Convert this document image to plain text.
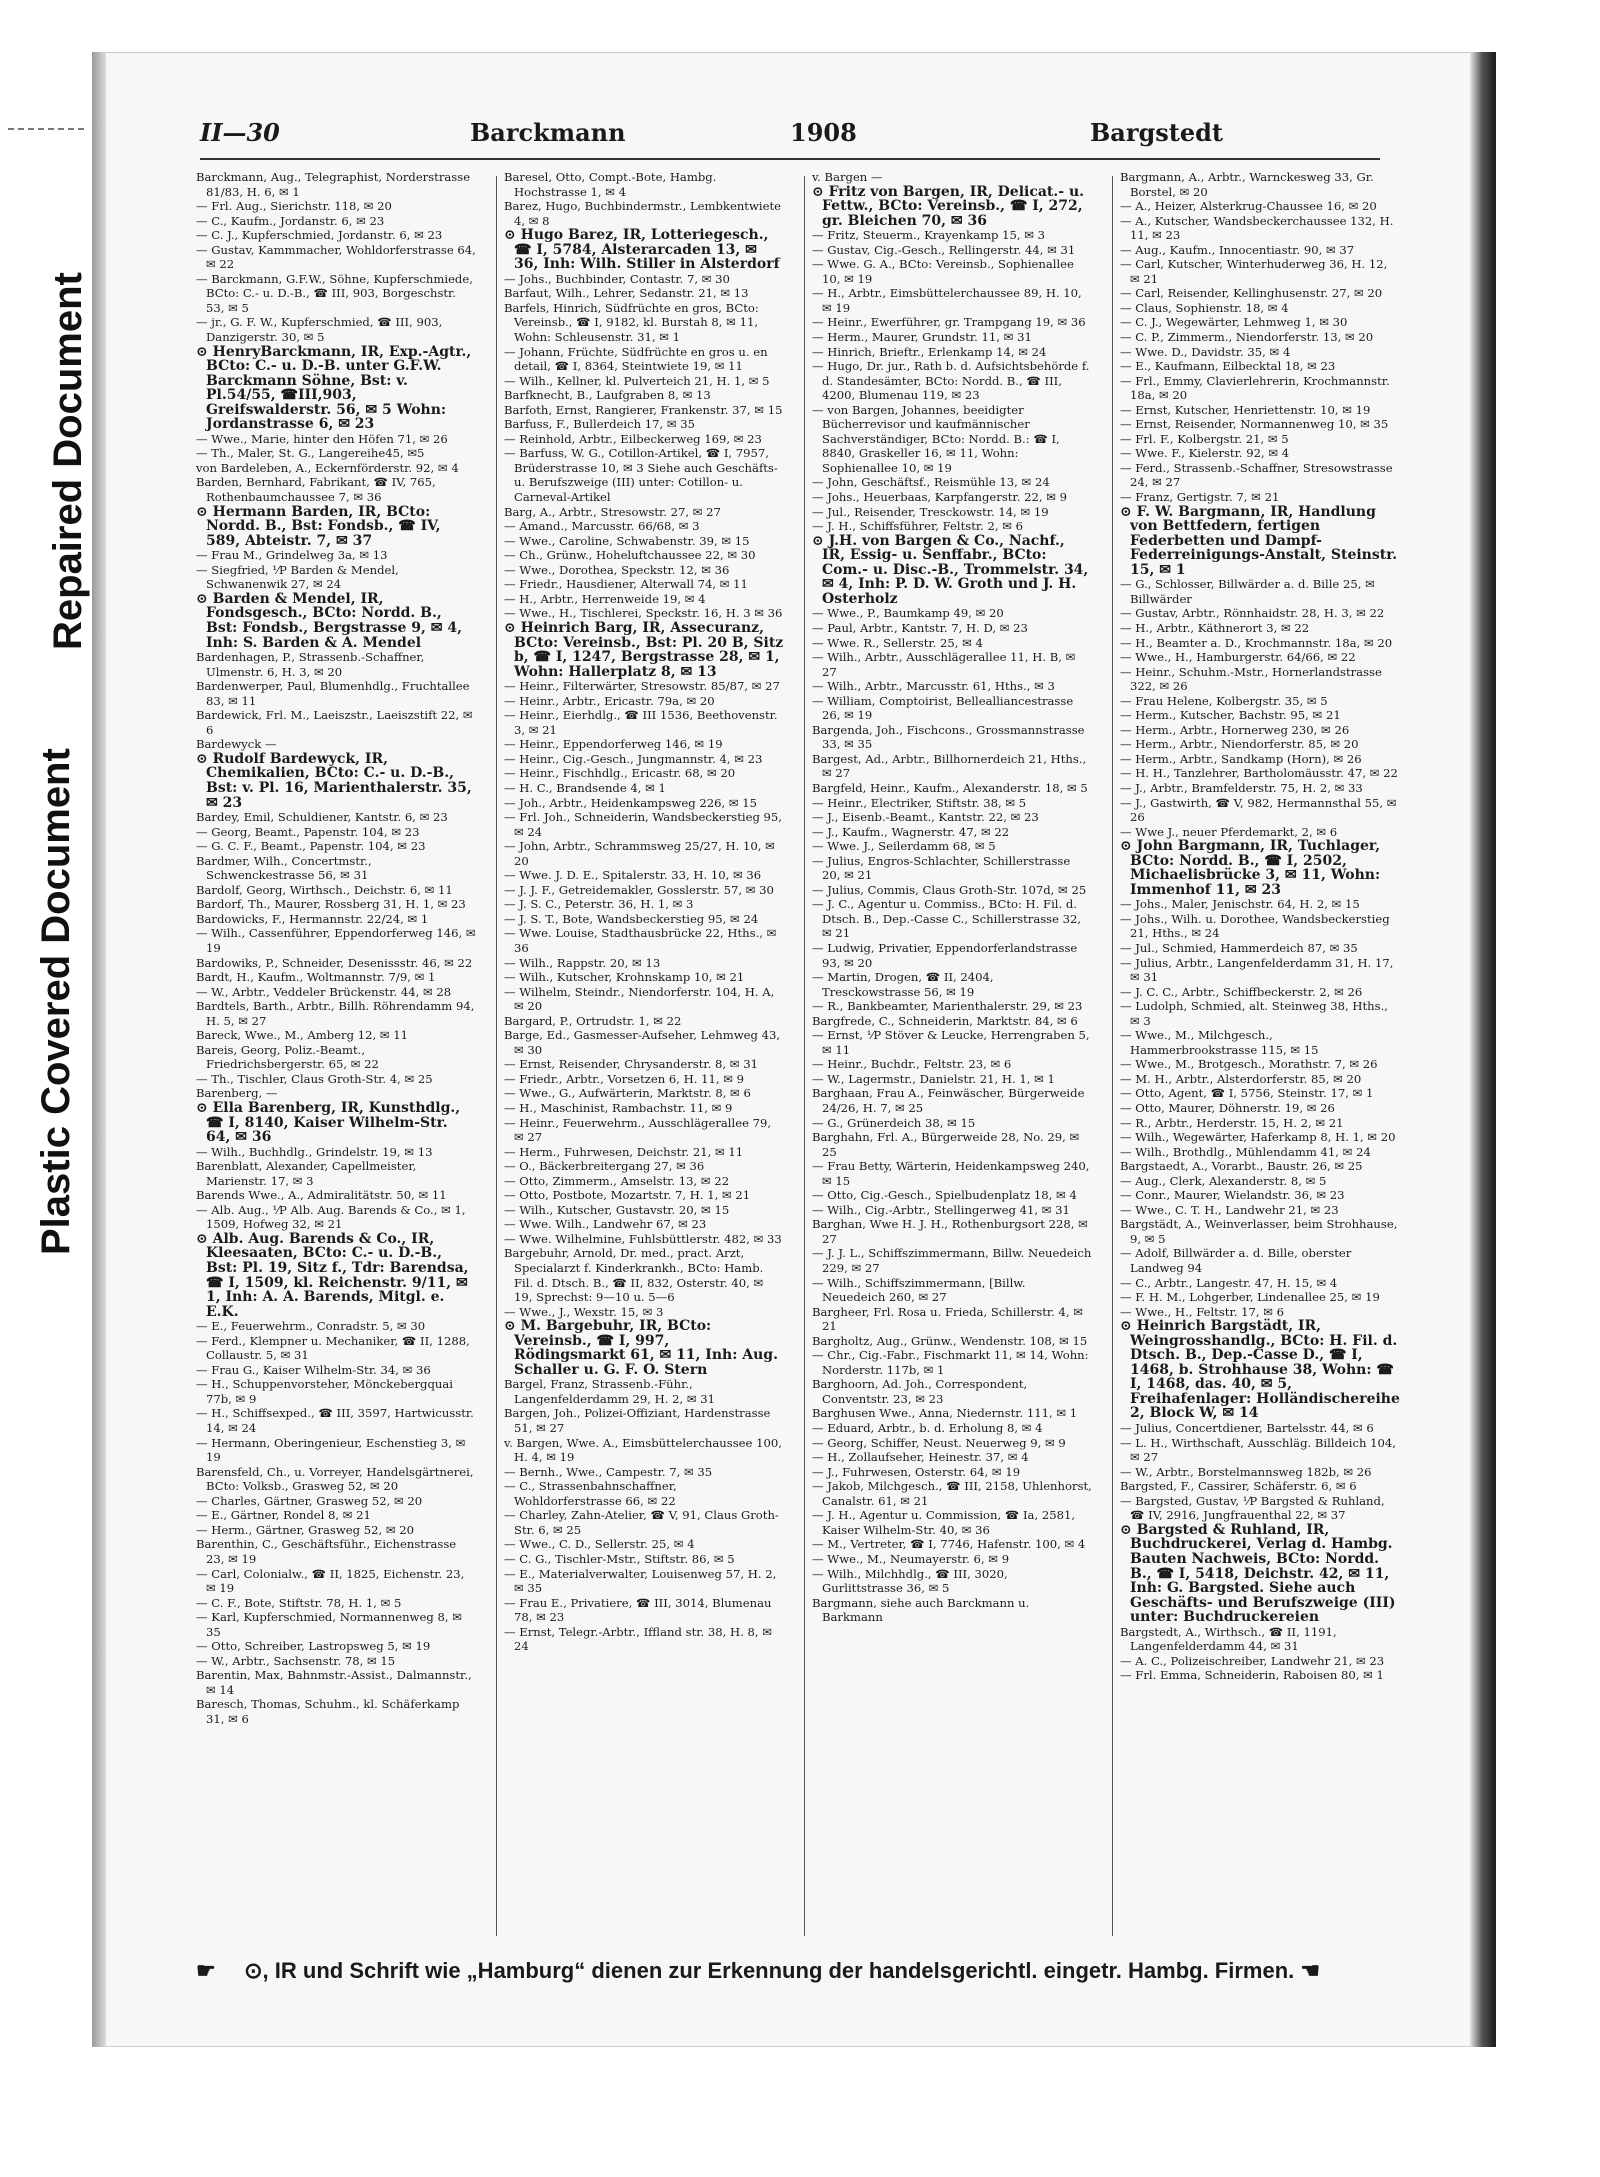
Plastic Covered Document
Repaired Document
II—30	Barckmann	1908	Bargstedt

Barckmann, Aug., Telegraphist, Norderstrasse 81/83, H. 6, ✉ 1

— Frl. Aug., Sierichstr. 118, ✉ 20

— C., Kaufm., Jordanstr. 6, ✉ 23

— C. J., Kupferschmied, Jordanstr. 6, ✉ 23

— Gustav, Kammmacher, Wohldorferstrasse 64, ✉ 22

— Barckmann, G.F.W., Söhne, Kupferschmiede, BCto: C.- u. D.-B., ☎ III, 903, Borgeschstr. 53, ✉ 5

— jr., G. F. W., Kupferschmied, ☎ III, 903, Danzigerstr. 30, ✉ 5

⊙ HenryBarckmann, IR, Exp.-Agtr., BCto: C.- u. D.-B. unter G.F.W. Barckmann Söhne, Bst: v. Pl.54/55, ☎III,903, Greifswalderstr. 56, ✉ 5 Wohn: Jordanstrasse 6, ✉ 23

— Wwe., Marie, hinter den Höfen 71, ✉ 26

— Th., Maler, St. G., Langereihe45, ✉5

von Bardeleben, A., Eckernförderstr. 92, ✉ 4

Barden, Bernhard, Fabrikant, ☎ IV, 765, Rothenbaumchaussee 7, ✉ 36

⊙ Hermann Barden, IR, BCto: Nordd. B., Bst: Fondsb., ☎ IV, 589, Abteistr. 7, ✉ 37

— Frau M., Grindelweg 3a, ✉ 13

— Siegfried, ⅟P Barden & Mendel, Schwanenwik 27, ✉ 24

⊙ Barden & Mendel, IR, Fondsgesch., BCto: Nordd. B., Bst: Fondsb., Bergstrasse 9, ✉ 4, Inh: S. Barden & A. Mendel

Bardenhagen, P., Strassenb.-Schaffner, Ulmenstr. 6, H. 3, ✉ 20

Bardenwerper, Paul, Blumenhdlg., Fruchtallee 83, ✉ 11

Bardewick, Frl. M., Laeiszstr., Laeiszstift 22, ✉ 6

Bardewyck —

⊙ Rudolf Bardewyck, IR, Chemikalien, BCto: C.- u. D.-B., Bst: v. Pl. 16, Marienthalerstr. 35, ✉ 23

Bardey, Emil, Schuldiener, Kantstr. 6, ✉ 23

— Georg, Beamt., Papenstr. 104, ✉ 23

— G. C. F., Beamt., Papenstr. 104, ✉ 23

Bardmer, Wilh., Concertmstr., Schwenckestrasse 56, ✉ 31

Bardolf, Georg, Wirthsch., Deichstr. 6, ✉ 11

Bardorf, Th., Maurer, Rossberg 31, H. 1, ✉ 23

Bardowicks, F., Hermannstr. 22/24, ✉ 1

— Wilh., Cassenführer, Eppendorferweg 146, ✉ 19

Bardowiks, P., Schneider, Desenissstr. 46, ✉ 22

Bardt, H., Kaufm., Woltmannstr. 7/9, ✉ 1

— W., Arbtr., Veddeler Brückenstr. 44, ✉ 28

Bardtels, Barth., Arbtr., Billh. Röhrendamm 94, H. 5, ✉ 27

Bareck, Wwe., M., Amberg 12, ✉ 11

Bareis, Georg, Poliz.-Beamt., Friedrichsbergerstr. 65, ✉ 22

— Th., Tischler, Claus Groth-Str. 4, ✉ 25

Barenberg, —

⊙ Ella Barenberg, IR, Kunsthdlg., ☎ I, 8140, Kaiser Wilhelm-Str. 64, ✉ 36

— Wilh., Buchhdlg., Grindelstr. 19, ✉ 13

Barenblatt, Alexander, Capellmeister, Marienstr. 17, ✉ 3

Barends Wwe., A., Admiralitätstr. 50, ✉ 11

— Alb. Aug., ⅟P Alb. Aug. Barends & Co., ✉ 1, 1509, Hofweg 32, ✉ 21

⊙ Alb. Aug. Barends & Co., IR, Kleesaaten, BCto: C.- u. D.-B., Bst: Pl. 19, Sitz f., Tdr: Barendsa, ☎ I, 1509, kl. Reichenstr. 9/11, ✉ 1, Inh: A. A. Barends, Mitgl. e. E.K.

— E., Feuerwehrm., Conradstr. 5, ✉ 30

— Ferd., Klempner u. Mechaniker, ☎ II, 1288, Collaustr. 5, ✉ 31

— Frau G., Kaiser Wilhelm-Str. 34, ✉ 36

— H., Schuppenvorsteher, Mönckebergquai 77b, ✉ 9

— H., Schiffsexped., ☎ III, 3597, Hartwicusstr. 14, ✉ 24

— Hermann, Oberingenieur, Eschenstieg 3, ✉ 19

Barensfeld, Ch., u. Vorreyer, Handelsgärtnerei, BCto: Volksb., Grasweg 52, ✉ 20

— Charles, Gärtner, Grasweg 52, ✉ 20

— E., Gärtner, Rondel 8, ✉ 21

— Herm., Gärtner, Grasweg 52, ✉ 20

Barenthin, C., Geschäftsführ., Eichenstrasse 23, ✉ 19

— Carl, Colonialw., ☎ II, 1825, Eichenstr. 23, ✉ 19

— C. F., Bote, Stiftstr. 78, H. 1, ✉ 5

— Karl, Kupferschmied, Normannenweg 8, ✉ 35

— Otto, Schreiber, Lastropsweg 5, ✉ 19

— W., Arbtr., Sachsenstr. 78, ✉ 15

Barentin, Max, Bahnmstr.-Assist., Dalmannstr., ✉ 14

Baresch, Thomas, Schuhm., kl. Schäferkamp 31, ✉ 6

Baresel, Otto, Compt.-Bote, Hambg. Hochstrasse 1, ✉ 4

Barez, Hugo, Buchbindermstr., Lembkentwiete 4, ✉ 8

⊙ Hugo Barez, IR, Lotteriegesch., ☎ I, 5784, Alsterarcaden 13, ✉ 36, Inh: Wilh. Stiller in Alsterdorf

— Johs., Buchbinder, Contastr. 7, ✉ 30

Barfaut, Wilh., Lehrer, Sedanstr. 21, ✉ 13

Barfels, Hinrich, Südfrüchte en gros, BCto: Vereinsb., ☎ I, 9182, kl. Burstah 8, ✉ 11, Wohn: Schleusenstr. 31, ✉ 1

— Johann, Früchte, Südfrüchte en gros u. en detail, ☎ I, 8364, Steintwiete 19, ✉ 11

— Wilh., Kellner, kl. Pulverteich 21, H. 1, ✉ 5

Barfknecht, B., Laufgraben 8, ✉ 13

Barfoth, Ernst, Rangierer, Frankenstr. 37, ✉ 15

Barfuss, F., Bullerdeich 17, ✉ 35

— Reinhold, Arbtr., Eilbeckerweg 169, ✉ 23

— Barfuss, W. G., Cotillon-Artikel, ☎ I, 7957, Brüderstrasse 10, ✉ 3 Siehe auch Geschäfts- u. Berufszweige (III) unter: Cotillon- u. Carneval-Artikel

Barg, A., Arbtr., Stresowstr. 27, ✉ 27

— Amand., Marcusstr. 66/68, ✉ 3

— Wwe., Caroline, Schwabenstr. 39, ✉ 15

— Ch., Grünw., Hoheluftchaussee 22, ✉ 30

— Wwe., Dorothea, Speckstr. 12, ✉ 36

— Friedr., Hausdiener, Alterwall 74, ✉ 11

— H., Arbtr., Herrenweide 19, ✉ 4

— Wwe., H., Tischlerei, Speckstr. 16, H. 3 ✉ 36

⊙ Heinrich Barg, IR, Assecuranz, BCto: Vereinsb., Bst: Pl. 20 B, Sitz b, ☎ I, 1247, Bergstrasse 28, ✉ 1, Wohn: Hallerplatz 8, ✉ 13

— Heinr., Filterwärter, Stresowstr. 85/87, ✉ 27

— Heinr., Arbtr., Ericastr. 79a, ✉ 20

— Heinr., Eierhdlg., ☎ III 1536, Beethovenstr. 3, ✉ 21

— Heinr., Eppendorferweg 146, ✉ 19

— Heinr., Cig.-Gesch., Jungmannstr. 4, ✉ 23

— Heinr., Fischhdlg., Ericastr. 68, ✉ 20

— H. C., Brandsende 4, ✉ 1

— Joh., Arbtr., Heidenkampsweg 226, ✉ 15

— Frl. Joh., Schneiderin, Wandsbeckerstieg 95, ✉ 24

— John, Arbtr., Schrammsweg 25/27, H. 10, ✉ 20

— Wwe. J. D. E., Spitalerstr. 33, H. 10, ✉ 36

— J. J. F., Getreidemakler, Gosslerstr. 57, ✉ 30

— J. S. C., Peterstr. 36, H. 1, ✉ 3

— J. S. T., Bote, Wandsbeckerstieg 95, ✉ 24

— Wwe. Louise, Stadthausbrücke 22, Hths., ✉ 36

— Wilh., Rappstr. 20, ✉ 13

— Wilh., Kutscher, Krohnskamp 10, ✉ 21

— Wilhelm, Steindr., Niendorferstr. 104, H. A, ✉ 20

Bargard, P., Ortrudstr. 1, ✉ 22

Barge, Ed., Gasmesser-Aufseher, Lehmweg 43, ✉ 30

— Ernst, Reisender, Chrysanderstr. 8, ✉ 31

— Friedr., Arbtr., Vorsetzen 6, H. 11, ✉ 9

— Wwe., G., Aufwärterin, Marktstr. 8, ✉ 6

— H., Maschinist, Rambachstr. 11, ✉ 9

— Heinr., Feuerwehrm., Ausschlägerallee 79, ✉ 27

— Herm., Fuhrwesen, Deichstr. 21, ✉ 11

— O., Bäckerbreitergang 27, ✉ 36

— Otto, Zimmerm., Amselstr. 13, ✉ 22

— Otto, Postbote, Mozartstr. 7, H. 1, ✉ 21

— Wilh., Kutscher, Gustavstr. 20, ✉ 15

— Wwe. Wilh., Landwehr 67, ✉ 23

— Wwe. Wilhelmine, Fuhlsbüttlerstr. 482, ✉ 33

Bargebuhr, Arnold, Dr. med., pract. Arzt, Specialarzt f. Kinderkrankh., BCto: Hamb. Fil. d. Dtsch. B., ☎ II, 832, Osterstr. 40, ✉ 19, Sprechst: 9—10 u. 5—6

— Wwe., J., Wexstr. 15, ✉ 3

⊙ M. Bargebuhr, IR, BCto: Vereinsb., ☎ I, 997, Rödingsmarkt 61, ✉ 11, Inh: Aug. Schaller u. G. F. O. Stern

Bargel, Franz, Strassenb.-Führ., Langenfelderdamm 29, H. 2, ✉ 31

Bargen, Joh., Polizei-Offiziant, Hardenstrasse 51, ✉ 27

v. Bargen, Wwe. A., Eimsbüttelerchaussee 100, H. 4, ✉ 19

— Bernh., Wwe., Campestr. 7, ✉ 35

— C., Strassenbahnschaffner, Wohldorferstrasse 66, ✉ 22

— Charley, Zahn-Atelier, ☎ V, 91, Claus Groth-Str. 6, ✉ 25

— Wwe., C. D., Sellerstr. 25, ✉ 4

— C. G., Tischler-Mstr., Stiftstr. 86, ✉ 5

— E., Materialverwalter, Louisenweg 57, H. 2, ✉ 35

— Frau E., Privatiere, ☎ III, 3014, Blumenau 78, ✉ 23

— Ernst, Telegr.-Arbtr., Iffland str. 38, H. 8, ✉ 24

v. Bargen —

⊙ Fritz von Bargen, IR, Delicat.- u. Fettw., BCto: Vereinsb., ☎ I, 272, gr. Bleichen 70, ✉ 36

— Fritz, Steuerm., Krayenkamp 15, ✉ 3

— Gustav, Cig.-Gesch., Rellingerstr. 44, ✉ 31

— Wwe. G. A., BCto: Vereinsb., Sophienallee 10, ✉ 19

— H., Arbtr., Eimsbüttelerchaussee 89, H. 10, ✉ 19

— Heinr., Ewerführer, gr. Trampgang 19, ✉ 36

— Herm., Maurer, Grundstr. 11, ✉ 31

— Hinrich, Brieftr., Erlenkamp 14, ✉ 24

— Hugo, Dr. jur., Rath b. d. Aufsichtsbehörde f. d. Standesämter, BCto: Nordd. B., ☎ III, 4200, Blumenau 119, ✉ 23

— von Bargen, Johannes, beeidigter Bücherrevisor und kaufmännischer Sachverständiger, BCto: Nordd. B.: ☎ I, 8840, Graskeller 16, ✉ 11, Wohn: Sophienallee 10, ✉ 19

— John, Geschäftsf., Reismühle 13, ✉ 24

— Johs., Heuerbaas, Karpfangerstr. 22, ✉ 9

— Jul., Reisender, Tresckowstr. 14, ✉ 19

— J. H., Schiffsführer, Feltstr. 2, ✉ 6

⊙ J.H. von Bargen & Co., Nachf., IR, Essig- u. Senffabr., BCto: Com.- u. Disc.-B., Trommelstr. 34, ✉ 4, Inh: P. D. W. Groth und J. H. Osterholz

— Wwe., P., Baumkamp 49, ✉ 20

— Paul, Arbtr., Kantstr. 7, H. D, ✉ 23

— Wwe. R., Sellerstr. 25, ✉ 4

— Wilh., Arbtr., Ausschlägerallee 11, H. B, ✉ 27

— Wilh., Arbtr., Marcusstr. 61, Hths., ✉ 3

— William, Comptoirist, Bellealliancestrasse 26, ✉ 19

Bargenda, Joh., Fischcons., Grossmannstrasse 33, ✉ 35

Bargest, Ad., Arbtr., Billhornerdeich 21, Hths., ✉ 27

Bargfeld, Heinr., Kaufm., Alexanderstr. 18, ✉ 5

— Heinr., Electriker, Stiftstr. 38, ✉ 5

— J., Eisenb.-Beamt., Kantstr. 22, ✉ 23

— J., Kaufm., Wagnerstr. 47, ✉ 22

— Wwe. J., Seilerdamm 68, ✉ 5

— Julius, Engros-Schlachter, Schillerstrasse 20, ✉ 21

— Julius, Commis, Claus Groth-Str. 107d, ✉ 25

— J. C., Agentur u. Commiss., BCto: H. Fil. d. Dtsch. B., Dep.-Casse C., Schillerstrasse 32, ✉ 21

— Ludwig, Privatier, Eppendorferlandstrasse 93, ✉ 20

— Martin, Drogen, ☎ II, 2404, Tresckowstrasse 56, ✉ 19

— R., Bankbeamter, Marienthalerstr. 29, ✉ 23

Bargfrede, C., Schneiderin, Marktstr. 84, ✉ 6

— Ernst, ⅟P Stöver & Leucke, Herrengraben 5, ✉ 11

— Heinr., Buchdr., Feltstr. 23, ✉ 6

— W., Lagermstr., Danielstr. 21, H. 1, ✉ 1

Barghaan, Frau A., Feinwäscher, Bürgerweide 24/26, H. 7, ✉ 25

— G., Grünerdeich 38, ✉ 15

Barghahn, Frl. A., Bürgerweide 28, No. 29, ✉ 25

— Frau Betty, Wärterin, Heidenkampsweg 240, ✉ 15

— Otto, Cig.-Gesch., Spielbudenplatz 18, ✉ 4

— Wilh., Cig.-Arbtr., Stellingerweg 41, ✉ 31

Barghan, Wwe H. J. H., Rothenburgsort 228, ✉ 27

— J. J. L., Schiffszimmermann, Billw. Neuedeich 229, ✉ 27

— Wilh., Schiffszimmermann, [Billw. Neuedeich 260, ✉ 27

Bargheer, Frl. Rosa u. Frieda, Schillerstr. 4, ✉ 21

Bargholtz, Aug., Grünw., Wendenstr. 108, ✉ 15

— Chr., Cig.-Fabr., Fischmarkt 11, ✉ 14, Wohn: Norderstr. 117b, ✉ 1

Barghoorn, Ad. Joh., Correspondent, Conventstr. 23, ✉ 23

Barghusen Wwe., Anna, Niedernstr. 111, ✉ 1

— Eduard, Arbtr., b. d. Erholung 8, ✉ 4

— Georg, Schiffer, Neust. Neuerweg 9, ✉ 9

— H., Zollaufseher, Heinestr. 37, ✉ 4

— J., Fuhrwesen, Osterstr. 64, ✉ 19

— Jakob, Milchgesch., ☎ III, 2158, Uhlenhorst, Canalstr. 61, ✉ 21

— J. H., Agentur u. Commission, ☎ Ia, 2581, Kaiser Wilhelm-Str. 40, ✉ 36

— M., Vertreter, ☎ I, 7746, Hafenstr. 100, ✉ 4

— Wwe., M., Neumayerstr. 6, ✉ 9

— Wilh., Milchhdlg., ☎ III, 3020, Gurlittstrasse 36, ✉ 5

Bargmann, siehe auch Barckmann u. Barkmann

Bargmann, A., Arbtr., Warnckesweg 33, Gr. Borstel, ✉ 20

— A., Heizer, Alsterkrug-Chaussee 16, ✉ 20

— A., Kutscher, Wandsbeckerchaussee 132, H. 11, ✉ 23

— Aug., Kaufm., Innocentiastr. 90, ✉ 37

— Carl, Kutscher, Winterhuderweg 36, H. 12, ✉ 21

— Carl, Reisender, Kellinghusenstr. 27, ✉ 20

— Claus, Sophienstr. 18, ✉ 4

— C. J., Wegewärter, Lehmweg 1, ✉ 30

— C. P., Zimmerm., Niendorferstr. 13, ✉ 20

— Wwe. D., Davidstr. 35, ✉ 4

— E., Kaufmann, Eilbecktal 18, ✉ 23

— Frl., Emmy, Clavierlehrerin, Krochmannstr. 18a, ✉ 20

— Ernst, Kutscher, Henriettenstr. 10, ✉ 19

— Ernst, Reisender, Normannenweg 10, ✉ 35

— Frl. F., Kolbergstr. 21, ✉ 5

— Wwe. F., Kielerstr. 92, ✉ 4

— Ferd., Strassenb.-Schaffner, Stresowstrasse 24, ✉ 27

— Franz, Gertigstr. 7, ✉ 21

⊙ F. W. Bargmann, IR, Handlung von Bettfedern, fertigen Federbetten und Dampf-Federreinigungs-Anstalt, Steinstr. 15, ✉ 1

— G., Schlosser, Billwärder a. d. Bille 25, ✉ Billwärder

— Gustav, Arbtr., Rönnhaidstr. 28, H. 3, ✉ 22

— H., Arbtr., Käthnerort 3, ✉ 22

— H., Beamter a. D., Krochmannstr. 18a, ✉ 20

— Wwe., H., Hamburgerstr. 64/66, ✉ 22

— Heinr., Schuhm.-Mstr., Hornerlandstrasse 322, ✉ 26

— Frau Helene, Kolbergstr. 35, ✉ 5

— Herm., Kutscher, Bachstr. 95, ✉ 21

— Herm., Arbtr., Hornerweg 230, ✉ 26

— Herm., Arbtr., Niendorferstr. 85, ✉ 20

— Herm., Arbtr., Sandkamp (Horn), ✉ 26

— H. H., Tanzlehrer, Bartholomäusstr. 47, ✉ 22

— J., Arbtr., Bramfelderstr. 75, H. 2, ✉ 33

— J., Gastwirth, ☎ V, 982, Hermannsthal 55, ✉ 26

— Wwe J., neuer Pferdemarkt, 2, ✉ 6

⊙ John Bargmann, IR, Tuchlager, BCto: Nordd. B., ☎ I, 2502, Michaelisbrücke 3, ✉ 11, Wohn: Immenhof 11, ✉ 23

— Johs., Maler, Jenischstr. 64, H. 2, ✉ 15

— Johs., Wilh. u. Dorothee, Wandsbeckerstieg 21, Hths., ✉ 24

— Jul., Schmied, Hammerdeich 87, ✉ 35

— Julius, Arbtr., Langenfelderdamm 31, H. 17, ✉ 31

— J. C. C., Arbtr., Schiffbeckerstr. 2, ✉ 26

— Ludolph, Schmied, alt. Steinweg 38, Hths., ✉ 3

— Wwe., M., Milchgesch., Hammerbrookstrasse 115, ✉ 15

— Wwe., M., Brotgesch., Morathstr. 7, ✉ 26

— M. H., Arbtr., Alsterdorferstr. 85, ✉ 20

— Otto, Agent, ☎ I, 5756, Steinstr. 17, ✉ 1

— Otto, Maurer, Döhnerstr. 19, ✉ 26

— R., Arbtr., Herderstr. 15, H. 2, ✉ 21

— Wilh., Wegewärter, Haferkamp 8, H. 1, ✉ 20

— Wilh., Brothdlg., Mühlendamm 41, ✉ 24

Bargstaedt, A., Vorarbt., Baustr. 26, ✉ 25

— Aug., Clerk, Alexanderstr. 8, ✉ 5

— Conr., Maurer, Wielandstr. 36, ✉ 23

— Wwe., C. T. H., Landwehr 21, ✉ 23

Bargstädt, A., Weinverlasser, beim Strohhause, 9, ✉ 5

— Adolf, Billwärder a. d. Bille, oberster Landweg 94

— C., Arbtr., Langestr. 47, H. 15, ✉ 4

— F. H. M., Lohgerber, Lindenallee 25, ✉ 19

— Wwe., H., Feltstr. 17, ✉ 6

⊙ Heinrich Bargstädt, IR, Weingrosshandlg., BCto: H. Fil. d. Dtsch. B., Dep.-Casse D., ☎ I, 1468, b. Strohhause 38, Wohn: ☎ I, 1468, das. 40, ✉ 5, Freihafenlager: Holländischereihe 2, Block W, ✉ 14

— Julius, Concertdiener, Bartelsstr. 44, ✉ 6

— L. H., Wirthschaft, Ausschläg. Billdeich 104, ✉ 27

— W., Arbtr., Borstelmannsweg 182b, ✉ 26

Bargsted, F., Cassirer, Schäferstr. 6, ✉ 6

— Bargsted, Gustav, ⅟P Bargsted & Ruhland, ☎ IV, 2916, Jungfrauenthal 22, ✉ 37

⊙ Bargsted & Ruhland, IR, Buchdruckerei, Verlag d. Hambg. Bauten Nachweis, BCto: Nordd. B., ☎ I, 5418, Deichstr. 42, ✉ 11, Inh: G. Bargsted. Siehe auch Geschäfts- und Berufszweige (III) unter: Buchdruckereien

Bargstedt, A., Wirthsch., ☎ II, 1191, Langenfelderdamm 44, ✉ 31

— A. C., Polizeischreiber, Landwehr 21, ✉ 23

— Frl. Emma, Schneiderin, Raboisen 80, ✉ 1

☛ ⊙, IR und Schrift wie „Hamburg“ dienen zur Erkennung der handelsgerichtl. eingetr. Hambg. Firmen. ☚
